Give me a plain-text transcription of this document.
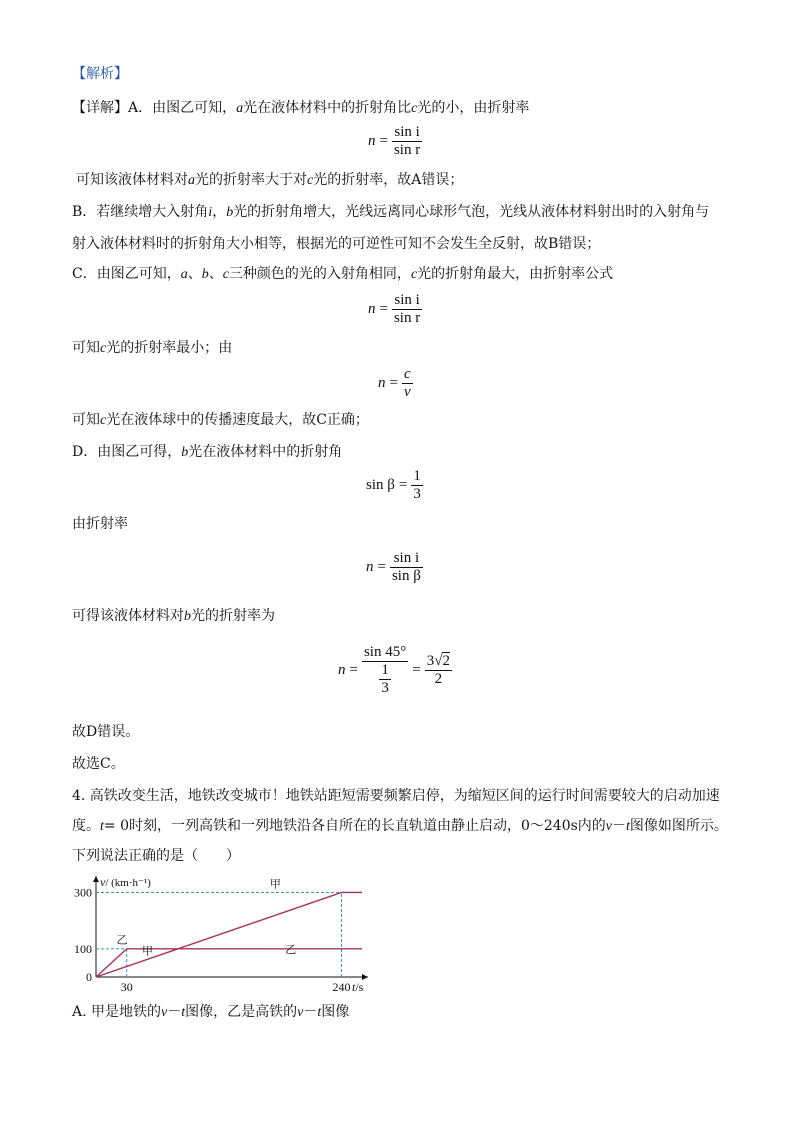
【解析】
【详解】A．由图乙可知，a光在液体材料中的折射角比c光的小，由折射率
$n = \frac{\text{sin i}}{\text{sin r}}$
可知该液体材料对a光的折射率大于对c光的折射率，故A错误；
B．若继续增大入射角i，b光的折射角增大，光线远离同心球形气泡，光线从液体材料射出时的入射角与
射入液体材料时的折射角大小相等，根据光的可逆性可知不会发生全反射，故B错误；
C．由图乙可知，a、b、c三种颜色的光的入射角相同，c光的折射角最大，由折射率公式
$n = \frac{\text{sin i}}{\text{sin r}}$
可知c光的折射率最小；由
$n = \frac{c}{v}$
可知c光在液体球中的传播速度最大，故C正确；
D．由图乙可得，b光在液体材料中的折射角
$\sin \beta = \frac{1}{3}$
由折射率
$n = \frac{\text{sin i}}{\text{sin β}}$
可得该液体材料对b光的折射率为
$n = \frac{\sin 45^\circ}{\frac{1}{3}} = \frac{3√2}{2}$
故D错误。
故选C。
4. 高铁改变生活，地铁改变城市！地铁站距短需要频繁启停，为缩短区间的运行时间需要较大的启动加速
度。t= 0时刻，一列高铁和一列地铁沿各自所在的长直轨道由静止启动，0～240s内的v－t图像如图所示。
下列说法正确的是（　　）
甲
甲
乙
乙
300
100
0
30	240
v/ (km·h⁻¹)
t/s
A. 甲是地铁的v－t图像，乙是高铁的v－t图像
